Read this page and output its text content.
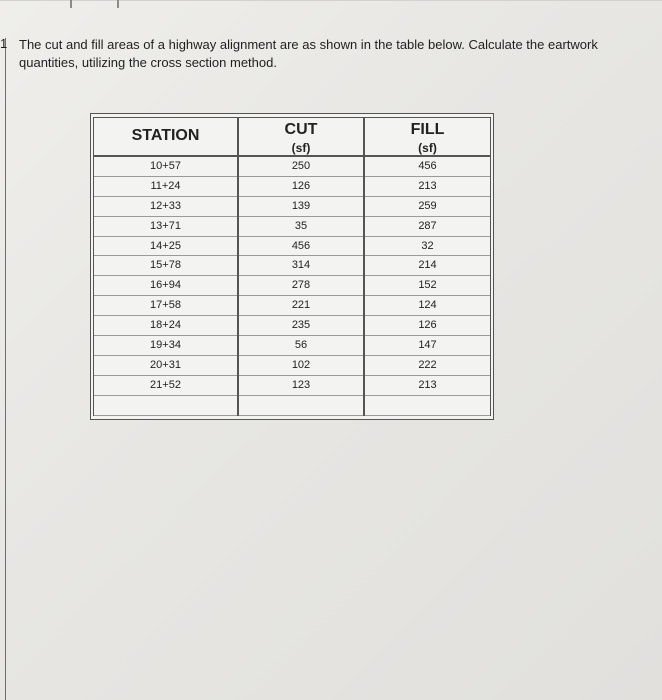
1 The cut and fill areas of a highway alignment are as shown in the table below. Calculate the eartwork quantities, utilizing the cross section method.
STATION
10+57
11+24
12+33
13+71
14+25
15+78
16+94
17+58
18+24
19+34
20+31
21+52
CUT
(sf)
250
126
139
35
456
314
278
221
235
56
102
123
FILL
(sf)
456
213
259
287
32
214
152
124
126
147
222
213
